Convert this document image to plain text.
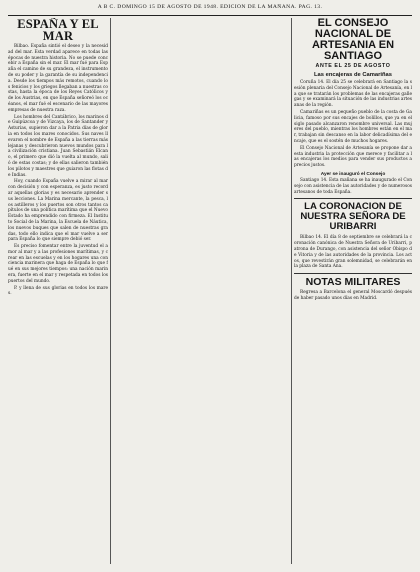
A B C. DOMINGO 15 DE AGOSTO DE 1948. EDICION DE LA MAÑANA. PAG. 13.
ESPAÑA Y EL MAR

Bilbao. España sintió el deseo y la necesidad del mar. Esta verdad aparece en todas las épocas de nuestra historia. No se puede concebir a España sin el mar. El mar fué para España el camino de su grandeza, el instrumento de su poder y la garantía de su independencia. Desde los tiempos más remotos, cuando los fenicios y los griegos llegaban a nuestras costas, hasta la época de los Reyes Católicos y de los Austrias, en que España señoreó los océanos, el mar fué el escenario de las mayores empresas de nuestra raza.

Los hombres del Cantábrico, los marinos de Guipúzcoa y de Vizcaya, los de Santander y Asturias, supieron dar a la Patria días de gloria en todos los mares conocidos. Sus naves llevaron el nombre de España a las tierras más lejanas y descubrieron nuevos mundos para la civilización cristiana. Juan Sebastián Elcano, el primero que dió la vuelta al mundo, salió de estas costas; y de ellas salieron también los pilotos y maestres que guiaron las flotas de Indias.

Hoy, cuando España vuelve a mirar al mar con decisión y con esperanza, es justo recordar aquellas glorias y es necesario aprender sus lecciones. La Marina mercante, la pesca, los astilleros y los puertos son otros tantos capítulos de una política marítima que el Nuevo Estado ha emprendido con firmeza. El Instituto Social de la Marina, la Escuela de Náutica, los nuevos buques que salen de nuestras gradas, todo ello indica que el mar vuelve a ser para España lo que siempre debió ser.

Es preciso fomentar entre la juventud el amor al mar y a las profesiones marítimas, y crear en las escuelas y en los hogares una conciencia marinera que haga de España lo que fué en sus mejores tiempos: una nación marinera, fuerte en el mar y respetada en todos los puertos del mundo.

P. y llena de sus glorias en todos los mares.

EL CONSEJO NACIONAL DE ARTESANIA EN SANTIAGO
ANTE EL 25 DE AGOSTO
Las encajeras de Camariñas

Coruña 14. El día 25 se celebrará en Santiago la sesión plenaria del Consejo Nacional de Artesanía, en la que se tratarán los problemas de las encajeras gallegas y se examinará la situación de las industrias artesanas de la región.

Camariñas es un pequeño pueblo de la costa de Galicia, famoso por sus encajes de bolillos, que ya en el siglo pasado alcanzaron renombre universal. Las mujeres del pueblo, mientras los hombres están en el mar, trabajan sin descanso en la labor delicadísima del encaje, que es el sostén de muchos hogares.

El Consejo Nacional de Artesanía se propone dar a esta industria la protección que merece y facilitar a las encajeras los medios para vender sus productos a precios justos.

Ayer se inauguró el Consejo

Santiago 14. Esta mañana se ha inaugurado el Consejo con asistencia de las autoridades y de numerosos artesanos de toda España.

LA CORONACION DE NUESTRA SEÑORA DE URIBARRI

Bilbao 14. El día 8 de septiembre se celebrará la coronación canónica de Nuestra Señora de Uribarri, patrona de Durango, con asistencia del señor Obispo de Vitoria y de las autoridades de la provincia. Los actos, que revestirán gran solemnidad, se celebrarán en la plaza de Santa Ana.

NOTAS MILITARES

Regresa a Barcelona el general Moscardó después de haber pasado unos días en Madrid.
